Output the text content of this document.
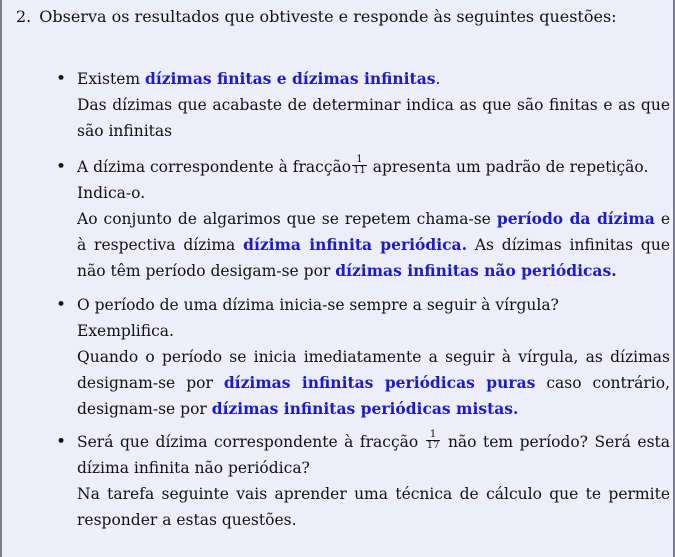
2. Observa os resultados que obtiveste e responde às seguintes questões:
• Existem dízimas finitas e dízimas infinitas.
Das dízimas que acabaste de determinar indica as que são finitas e as que são infinitas
• A dízima correspondente à fracção $\frac{1}{11}$ apresenta um padrão de repetição.
Indica-o.
Ao conjunto de algarimos que se repetem chama-se período da dízima e à respectiva dízima dízima infinita periódica. As dízimas infinitas que não têm período desigam-se por dízimas infinitas não periódicas.
• O período de uma dízima inicia-se sempre a seguir à vírgula?
Exemplifica.
Quando o período se inicia imediatamente a seguir à vírgula, as dízimas designam-se por dízimas infinitas periódicas puras caso contrário, designam-se por dízimas infinitas periódicas mistas.
• Será que dízima correspondente à fracção $\frac{1}{17}$ não tem período? Será esta dízima infinita não periódica?
Na tarefa seguinte vais aprender uma técnica de cálculo que te permite responder a estas questões.
